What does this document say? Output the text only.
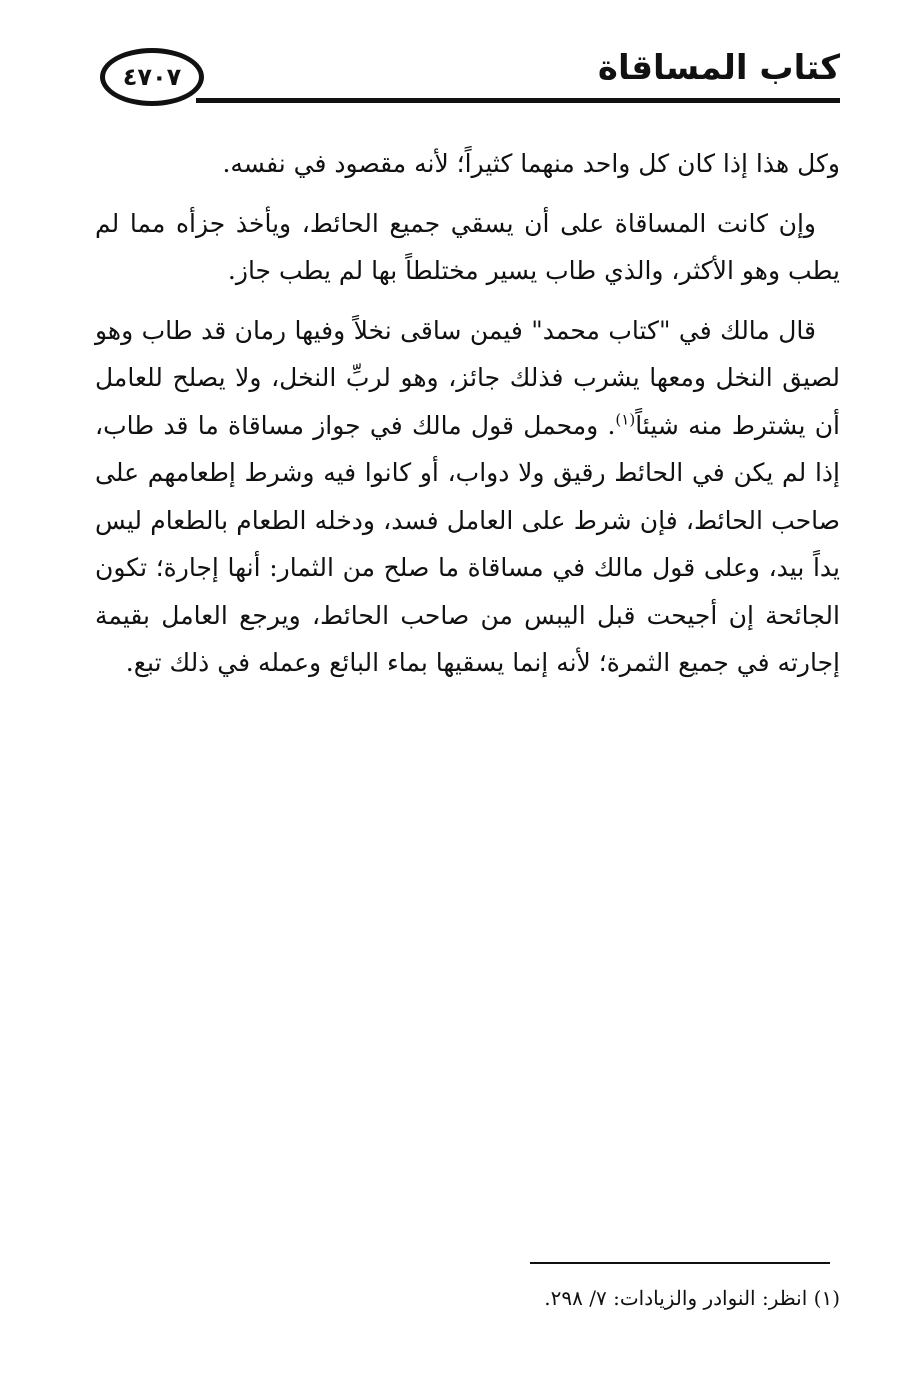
٤٧٠٧	كتاب المساقاة

وكل هذا إذا كان كل واحد منهما كثيراً؛ لأنه مقصود في نفسه.

وإن كانت المساقاة على أن يسقي جميع الحائط، ويأخذ جزأه مما لم يطب وهو الأكثر، والذي طاب يسير مختلطاً بها لم يطب جاز.

قال مالك في "كتاب محمد" فيمن ساقى نخلاً وفيها رمان قد طاب وهو لصيق النخل ومعها يشرب فذلك جائز، وهو لربِّ النخل، ولا يصلح للعامل أن يشترط منه شيئاً$^{(١)}$. ومحمل قول مالك في جواز مساقاة ما قد طاب، إذا لم يكن في الحائط رقيق ولا دواب، أو كانوا فيه وشرط إطعامهم على صاحب الحائط، فإن شرط على العامل فسد، ودخله الطعام بالطعام ليس يداً بيد، وعلى قول مالك في مساقاة ما صلح من الثمار: أنها إجارة؛ تكون الجائحة إن أجيحت قبل اليبس من صاحب الحائط، ويرجع العامل بقيمة إجارته في جميع الثمرة؛ لأنه إنما يسقيها بماء البائع وعمله في ذلك تبع.

(١) انظر: النوادر والزيادات: ٧/ ٢٩٨.
